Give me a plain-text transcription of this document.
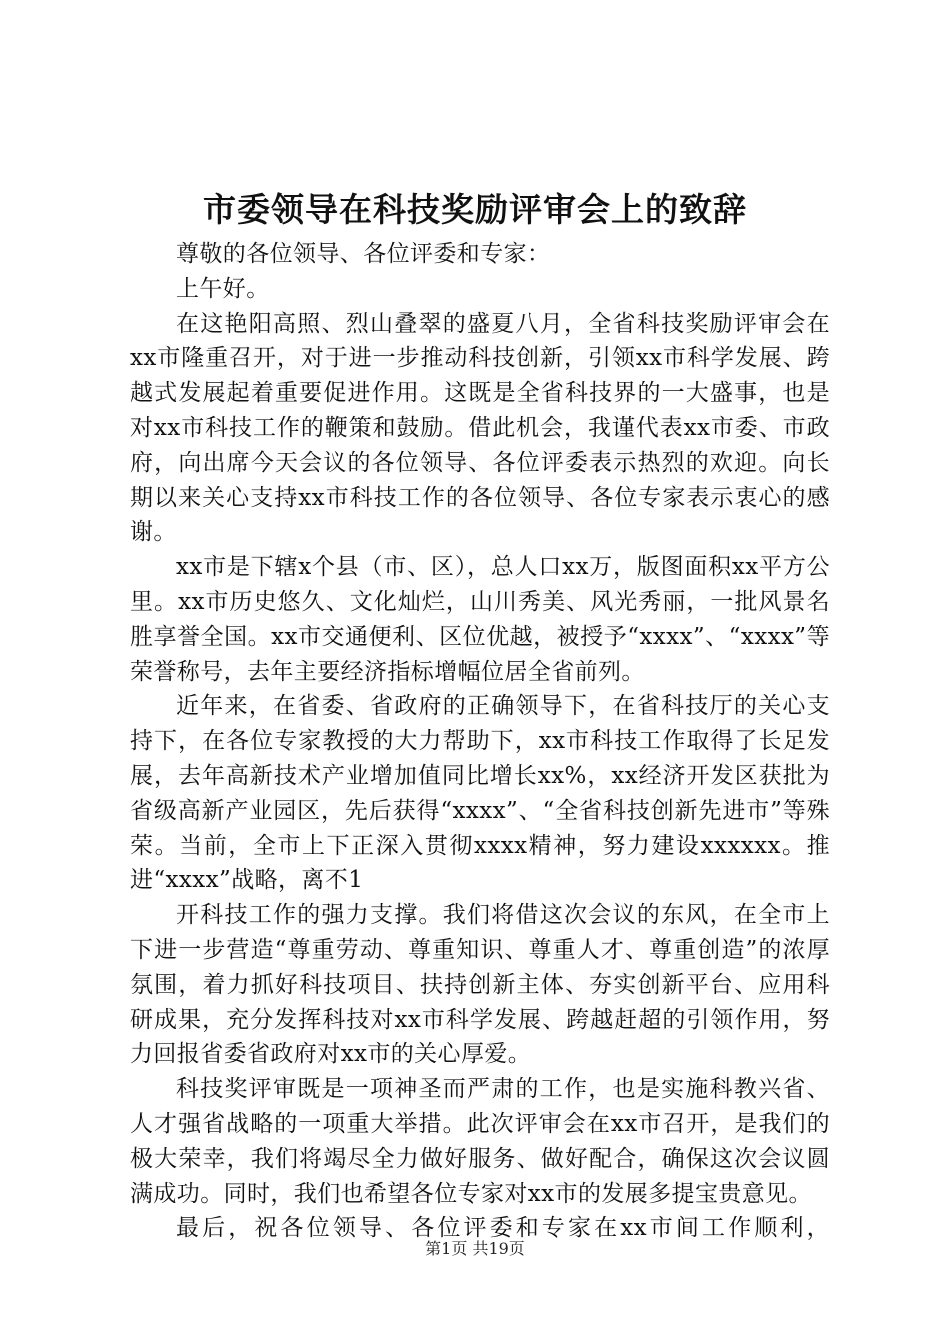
市委领导在科技奖励评审会上的致辞

尊敬的各位领导、各位评委和专家：

上午好。

在这艳阳高照、烈山叠翠的盛夏八月，全省科技奖励评审会在xx市隆重召开，对于进一步推动科技创新，引领xx市科学发展、跨越式发展起着重要促进作用。这既是全省科技界的一大盛事，也是对xx市科技工作的鞭策和鼓励。借此机会，我谨代表xx市委、市政府，向出席今天会议的各位领导、各位评委表示热烈的欢迎。向长期以来关心支持xx市科技工作的各位领导、各位专家表示衷心的感谢。

xx市是下辖x个县（市、区），总人口xx万，版图面积xx平方公里。xx市历史悠久、文化灿烂，山川秀美、风光秀丽，一批风景名胜享誉全国。xx市交通便利、区位优越，被授予“xxxx”、“xxxx”等荣誉称号，去年主要经济指标增幅位居全省前列。

近年来，在省委、省政府的正确领导下，在省科技厅的关心支持下，在各位专家教授的大力帮助下，xx市科技工作取得了长足发展，去年高新技术产业增加值同比增长xx%，xx经济开发区获批为省级高新产业园区，先后获得“xxxx”、“全省科技创新先进市”等殊荣。当前，全市上下正深入贯彻xxxx精神，努力建设xxxxxx。推进“xxxx”战略，离不1

开科技工作的强力支撑。我们将借这次会议的东风，在全市上下进一步营造“尊重劳动、尊重知识、尊重人才、尊重创造”的浓厚氛围，着力抓好科技项目、扶持创新主体、夯实创新平台、应用科研成果，充分发挥科技对xx市科学发展、跨越赶超的引领作用，努力回报省委省政府对xx市的关心厚爱。

科技奖评审既是一项神圣而严肃的工作，也是实施科教兴省、人才强省战略的一项重大举措。此次评审会在xx市召开，是我们的极大荣幸，我们将竭尽全力做好服务、做好配合，确保这次会议圆满成功。同时，我们也希望各位专家对xx市的发展多提宝贵意见。

最后，祝各位领导、各位评委和专家在xx市间工作顺利，

第1页 共19页
